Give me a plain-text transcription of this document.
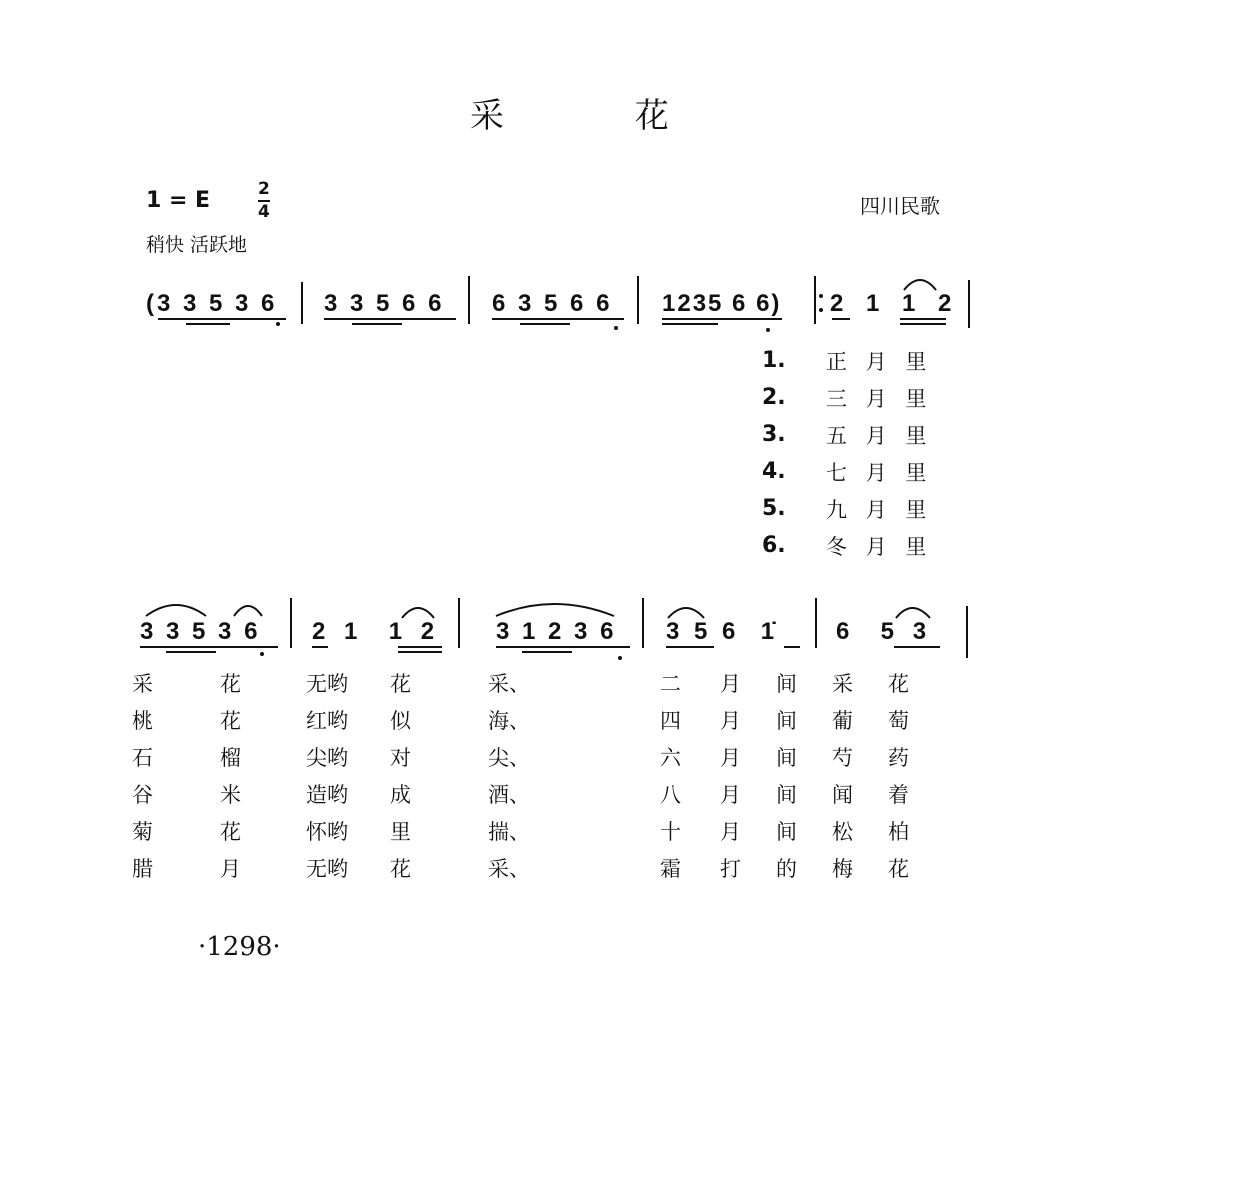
采 花
1 = E	2
4
稍快 活跃地
四川民歌
(3 3 5 3 6 3 3 5 6 6 6 3 5 6 6 1235 6 6) 2 1 1 2
1.	正 月 里
2.	三 月 里
3.	五 月 里
4.	七 月 里
5.	九 月 里
6.	冬 月 里
3 3 5 3 6 2 1  1 2 3 1 2 3 6 3 5 6  1̇ 6  5 3
采	花	无哟 花	采、	二 月 间 采 花
桃	花	红哟 似	海、	四 月 间 葡 萄
石	榴	尖哟 对	尖、	六 月 间 芍 药
谷	米	造哟 成	酒、	八 月 间 闻 着
菊	花	怀哟 里	揣、	十 月 间 松 柏
腊	月	无哟 花	采、	霜 打 的 梅 花
·1298·
